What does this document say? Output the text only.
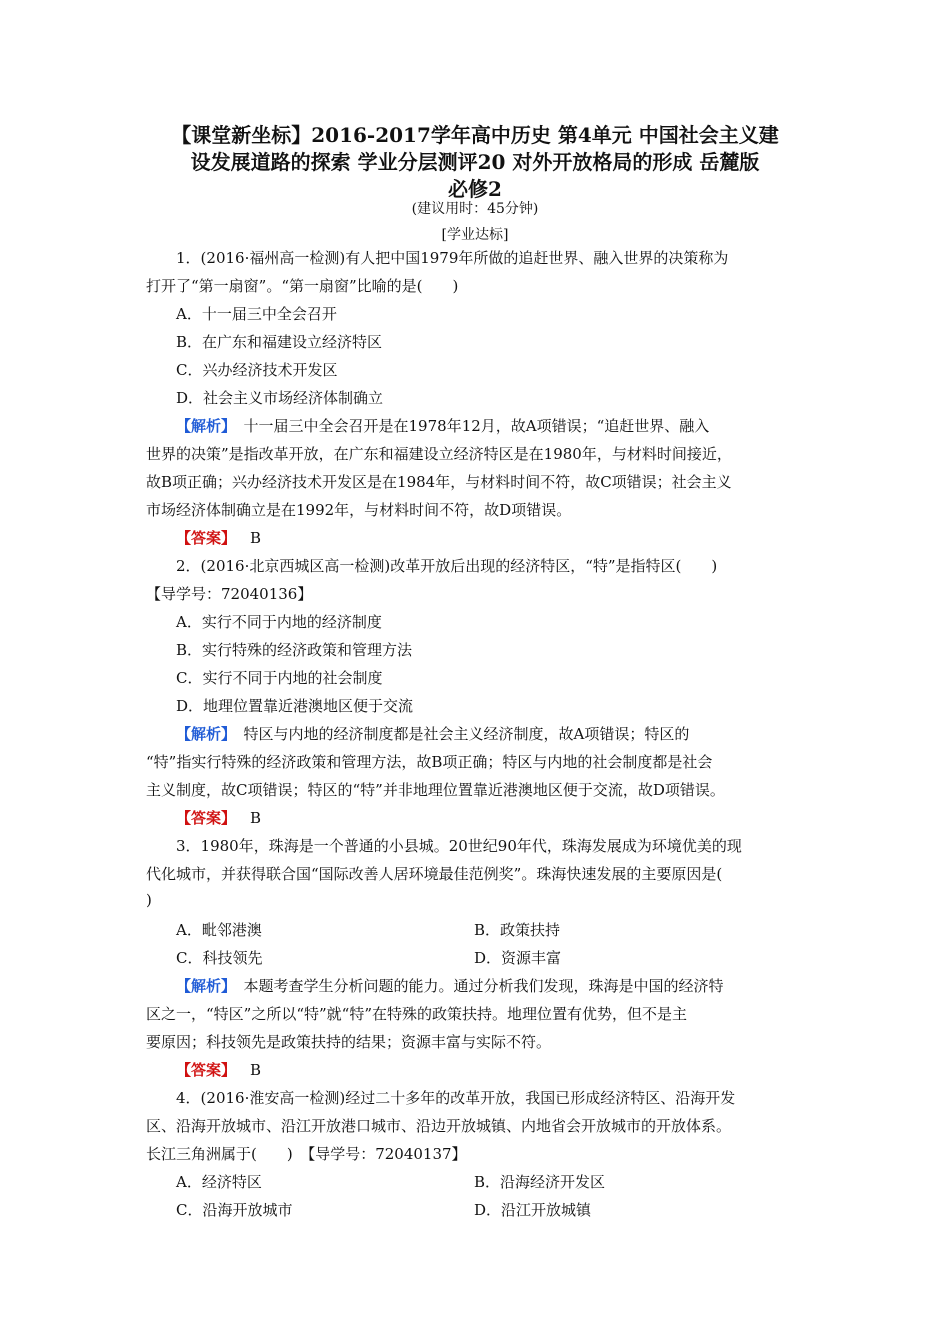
【课堂新坐标】2016-2017学年高中历史 第4单元 中国社会主义建
设发展道路的探索 学业分层测评20 对外开放格局的形成 岳麓版
必修2
(建议用时：45分钟)
[学业达标]
1．(2016·福州高一检测)有人把中国1979年所做的追赶世界、融入世界的决策称为
打开了“第一扇窗”。“第一扇窗”比喻的是(　　)
A．十一届三中全会召开
B．在广东和福建设立经济特区
C．兴办经济技术开发区
D．社会主义市场经济体制确立
【解析】　十一届三中全会召开是在1978年12月，故A项错误；“追赶世界、融入
世界的决策”是指改革开放，在广东和福建设立经济特区是在1980年，与材料时间接近，
故B项正确；兴办经济技术开发区是在1984年，与材料时间不符，故C项错误；社会主义
市场经济体制确立是在1992年，与材料时间不符，故D项错误。
【答案】 B
2．(2016·北京西城区高一检测)改革开放后出现的经济特区，“特”是指特区(　　)
【导学号：72040136】
A．实行不同于内地的经济制度
B．实行特殊的经济政策和管理方法
C．实行不同于内地的社会制度
D．地理位置靠近港澳地区便于交流
【解析】　特区与内地的经济制度都是社会主义经济制度，故A项错误；特区的
“特”指实行特殊的经济政策和管理方法，故B项正确；特区与内地的社会制度都是社会
主义制度，故C项错误；特区的“特”并非地理位置靠近港澳地区便于交流，故D项错误。
【答案】 B
3．1980年，珠海是一个普通的小县城。20世纪90年代，珠海发展成为环境优美的现
代化城市，并获得联合国“国际改善人居环境最佳范例奖”。珠海快速发展的主要原因是(
)
A．毗邻港澳	B．政策扶持
C．科技领先	D．资源丰富
【解析】　本题考查学生分析问题的能力。通过分析我们发现，珠海是中国的经济特
区之一，“特区”之所以“特”就“特”在特殊的政策扶持。地理位置有优势，但不是主
要原因；科技领先是政策扶持的结果；资源丰富与实际不符。
【答案】 B
4．(2016·淮安高一检测)经过二十多年的改革开放，我国已形成经济特区、沿海开发
区、沿海开放城市、沿江开放港口城市、沿边开放城镇、内地省会开放城市的开放体系。
长江三角洲属于(　　)　【导学号：72040137】
A．经济特区	B．沿海经济开发区
C．沿海开放城市	D．沿江开放城镇
